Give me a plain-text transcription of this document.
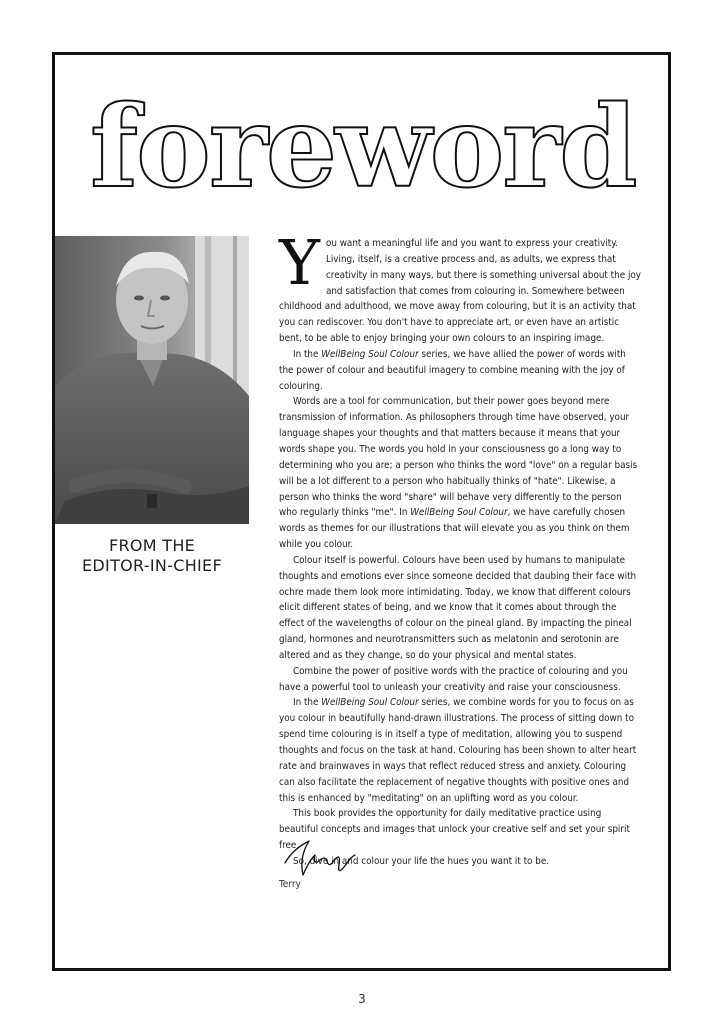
foreword
FROM THE
EDITOR-IN-CHIEF

You want a meaningful life and you want to express your creativity. Living, itself, is a creative process and, as adults, we express that creativity in many ways, but there is something universal about the joy and satisfaction that comes from colouring in. Somewhere between childhood and adulthood, we move away from colouring, but it is an activity that you can rediscover. You don't have to appreciate art, or even have an artistic bent, to be able to enjoy bringing your own colours to an inspiring image.

In the WellBeing Soul Colour series, we have allied the power of words with the power of colour and beautiful imagery to combine meaning with the joy of colouring.

Words are a tool for communication, but their power goes beyond mere transmission of information. As philosophers through time have observed, your language shapes your thoughts and that matters because it means that your words shape you. The words you hold in your consciousness go a long way to determining who you are; a person who thinks the word "love" on a regular basis will be a lot different to a person who habitually thinks of "hate". Likewise, a person who thinks the word "share" will behave very differently to the person who regularly thinks "me". In WellBeing Soul Colour, we have carefully chosen words as themes for our illustrations that will elevate you as you think on them while you colour.

Colour itself is powerful. Colours have been used by humans to manipulate thoughts and emotions ever since someone decided that daubing their face with ochre made them look more intimidating. Today, we know that different colours elicit different states of being, and we know that it comes about through the effect of the wavelengths of colour on the pineal gland. By impacting the pineal gland, hormones and neurotransmitters such as melatonin and serotonin are altered and as they change, so do your physical and mental states.

Combine the power of positive words with the practice of colouring and you have a powerful tool to unleash your creativity and raise your consciousness.

In the WellBeing Soul Colour series, we combine words for you to focus on as you colour in beautifully hand-drawn illustrations. The process of sitting down to spend time colouring is in itself a type of meditation, allowing you to suspend thoughts and focus on the task at hand. Colouring has been shown to alter heart rate and brainwaves in ways that reflect reduced stress and anxiety. Colouring can also facilitate the replacement of negative thoughts with positive ones and this is enhanced by "meditating" on an uplifting word as you colour.

This book provides the opportunity for daily meditative practice using beautiful concepts and images that unlock your creative self and set your spirit free.

So, dive in and colour your life the hues you want it to be.

Terry
3
